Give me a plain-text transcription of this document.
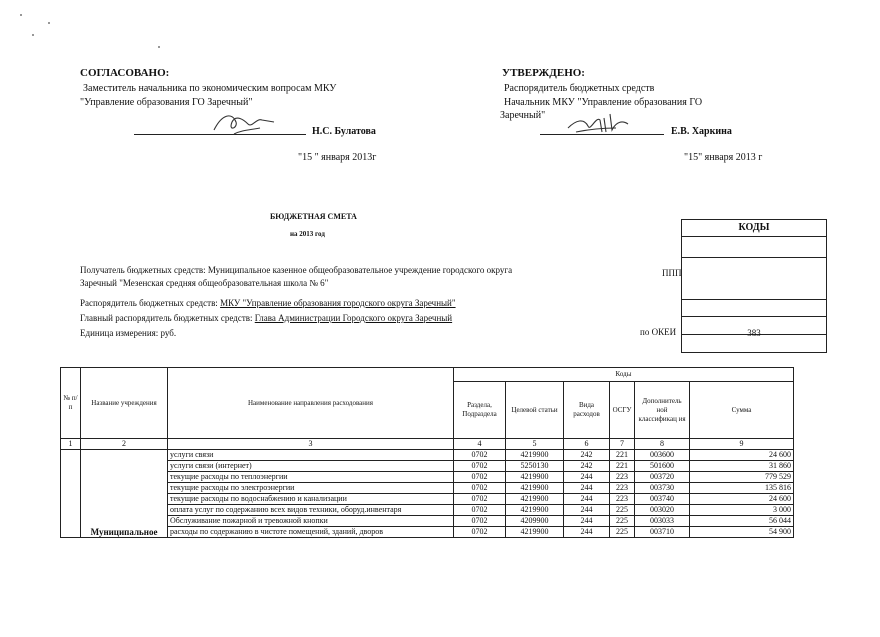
СОГЛАСОВАНО:
Заместитель начальника по экономическим вопросам МКУ
"Управление образования ГО Заречный"
Н.С. Булатова
"15 " января 2013г
УТВЕРЖДЕНО:
Распорядитель бюджетных средств
Начальник МКУ "Управление образования ГО
Заречный"
Е.В. Харкина
"15" января 2013 г
БЮДЖЕТНАЯ СМЕТА
на 2013 год
КОДЫ
383
ППП
по ОКЕИ
Получатель бюджетных средств: Муниципальное казенное общеобразовательное учреждение городского округа
Заречный "Мезенская средняя общеобразовательная школа № 6"
Распорядитель бюджетных средств: МКУ "Управление образования городского округа Заречный"
Главный распорядитель бюджетных средств: Глава Администрации Городского округа Заречный
Единица измерения: руб.
№ п/п	Название учреждения	Наименование направления расходования	Коды					
			Раздела, Подраздела	Целевой статьи	Вида расходов	ОСГУ	Дополнитель ной классификац ия	Сумма
1	2	3	4	5	6	7	8	9
	Муниципальное	услуги связи	0702	4219900	242	221	003600	24 600
		услуги связи (интернет)	0702	5250130	242	221	501600	31 860
		текущие расходы по теплоэнергии	0702	4219900	244	223	003720	779 529
		текущие расходы по электроэнергии	0702	4219900	244	223	003730	135 816
		текущие расходы по водоснабжению и канализации	0702	4219900	244	223	003740	24 600
		оплата услуг по содержанию всех видов техники, оборуд.инвентаря	0702	4219900	244	225	003020	3 000
		Обслуживание пожарной и тревожной кнопки	0702	4209900	244	225	003033	56 044
		расходы по содержанию в чистоте помещений, зданий, дворов	0702	4219900	244	225	003710	54 900
